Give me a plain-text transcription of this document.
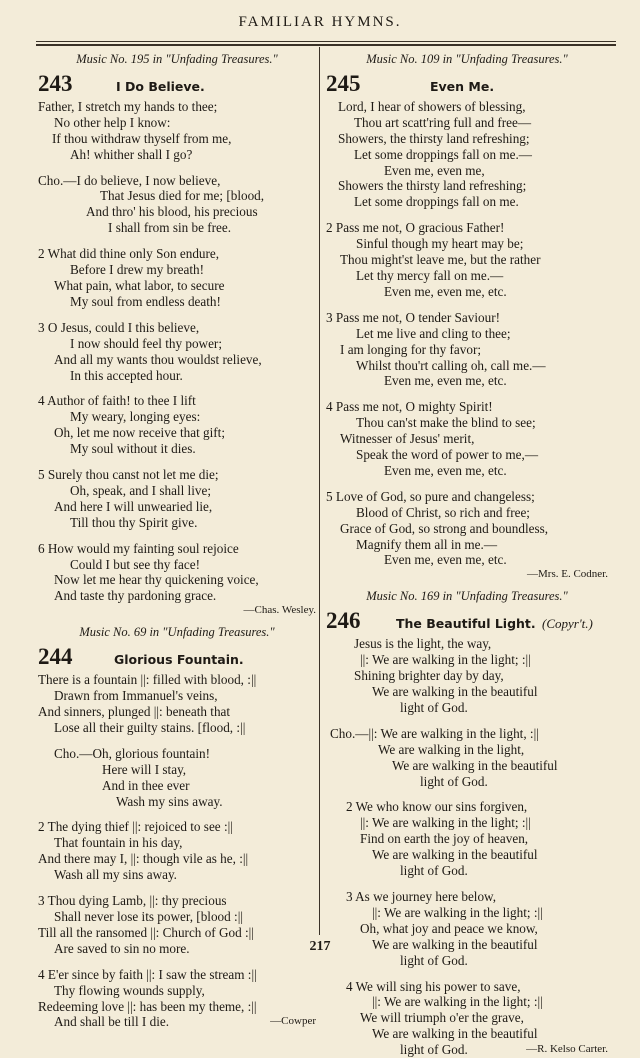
FAMILIAR HYMNS.
Music No. 195 in "Unfading Treasures."
243	I Do Believe.
Father, I stretch my hands to thee;
No other help I know:
If thou withdraw thyself from me,
Ah! whither shall I go?
Cho.—I do believe, I now believe,
That Jesus died for me; [blood,
And thro' his blood, his precious
I shall from sin be free.
2 What did thine only Son endure,
Before I drew my breath!
What pain, what labor, to secure
My soul from endless death!
3 O Jesus, could I this believe,
I now should feel thy power;
And all my wants thou wouldst relieve,
In this accepted hour.
4 Author of faith! to thee I lift
My weary, longing eyes:
Oh, let me now receive that gift;
My soul without it dies.
5 Surely thou canst not let me die;
Oh, speak, and I shall live;
And here I will unwearied lie,
Till thou thy Spirit give.
6 How would my fainting soul rejoice
Could I but see thy face!
Now let me hear thy quickening voice,
And taste thy pardoning grace.
—Chas. Wesley.
Music No. 69 in "Unfading Treasures."
244	Glorious Fountain.
There is a fountain ||: filled with blood, :||
Drawn from Immanuel's veins,
And sinners, plunged ||: beneath that
Lose all their guilty stains. [flood, :||
Cho.—Oh, glorious fountain!
Here will I stay,
And in thee ever
Wash my sins away.
2 The dying thief ||: rejoiced to see :||
That fountain in his day,
And there may I, ||: though vile as he, :||
Wash all my sins away.
3 Thou dying Lamb, ||: thy precious
Shall never lose its power, [blood :||
Till all the ransomed ||: Church of God :||
Are saved to sin no more.
4 E'er since by faith ||: I saw the stream :||
Thy flowing wounds supply,
Redeeming love ||: has been my theme, :||
And shall be till I die.	—Cowper
Music No. 109 in "Unfading Treasures."
245	Even Me.
Lord, I hear of showers of blessing,
Thou art scatt'ring full and free—
Showers, the thirsty land refreshing;
Let some droppings fall on me.—
Even me, even me,
Showers the thirsty land refreshing;
Let some droppings fall on me.
2 Pass me not, O gracious Father!
Sinful though my heart may be;
Thou might'st leave me, but the rather
Let thy mercy fall on me.—
Even me, even me, etc.
3 Pass me not, O tender Saviour!
Let me live and cling to thee;
I am longing for thy favor;
Whilst thou'rt calling oh, call me.—
Even me, even me, etc.
4 Pass me not, O mighty Spirit!
Thou can'st make the blind to see;
Witnesser of Jesus' merit,
Speak the word of power to me,—
Even me, even me, etc.
5 Love of God, so pure and changeless;
Blood of Christ, so rich and free;
Grace of God, so strong and boundless,
Magnify them all in me.—
Even me, even me, etc.
—Mrs. E. Codner.
Music No. 169 in "Unfading Treasures."
246	The Beautiful Light. (Copyr't.)
Jesus is the light, the way,
||: We are walking in the light; :||
Shining brighter day by day,
We are walking in the beautiful
light of God.
Cho.—||: We are walking in the light, :||
We are walking in the light,
We are walking in the beautiful
light of God.
2 We who know our sins forgiven,
||: We are walking in the light; :||
Find on earth the joy of heaven,
We are walking in the beautiful
light of God.
3 As we journey here below,
||: We are walking in the light; :||
Oh, what joy and peace we know,
We are walking in the beautiful
light of God.
4 We will sing his power to save,
||: We are walking in the light; :||
We will triumph o'er the grave,
We are walking in the beautiful
light of God.	—R. Kelso Carter.
217
